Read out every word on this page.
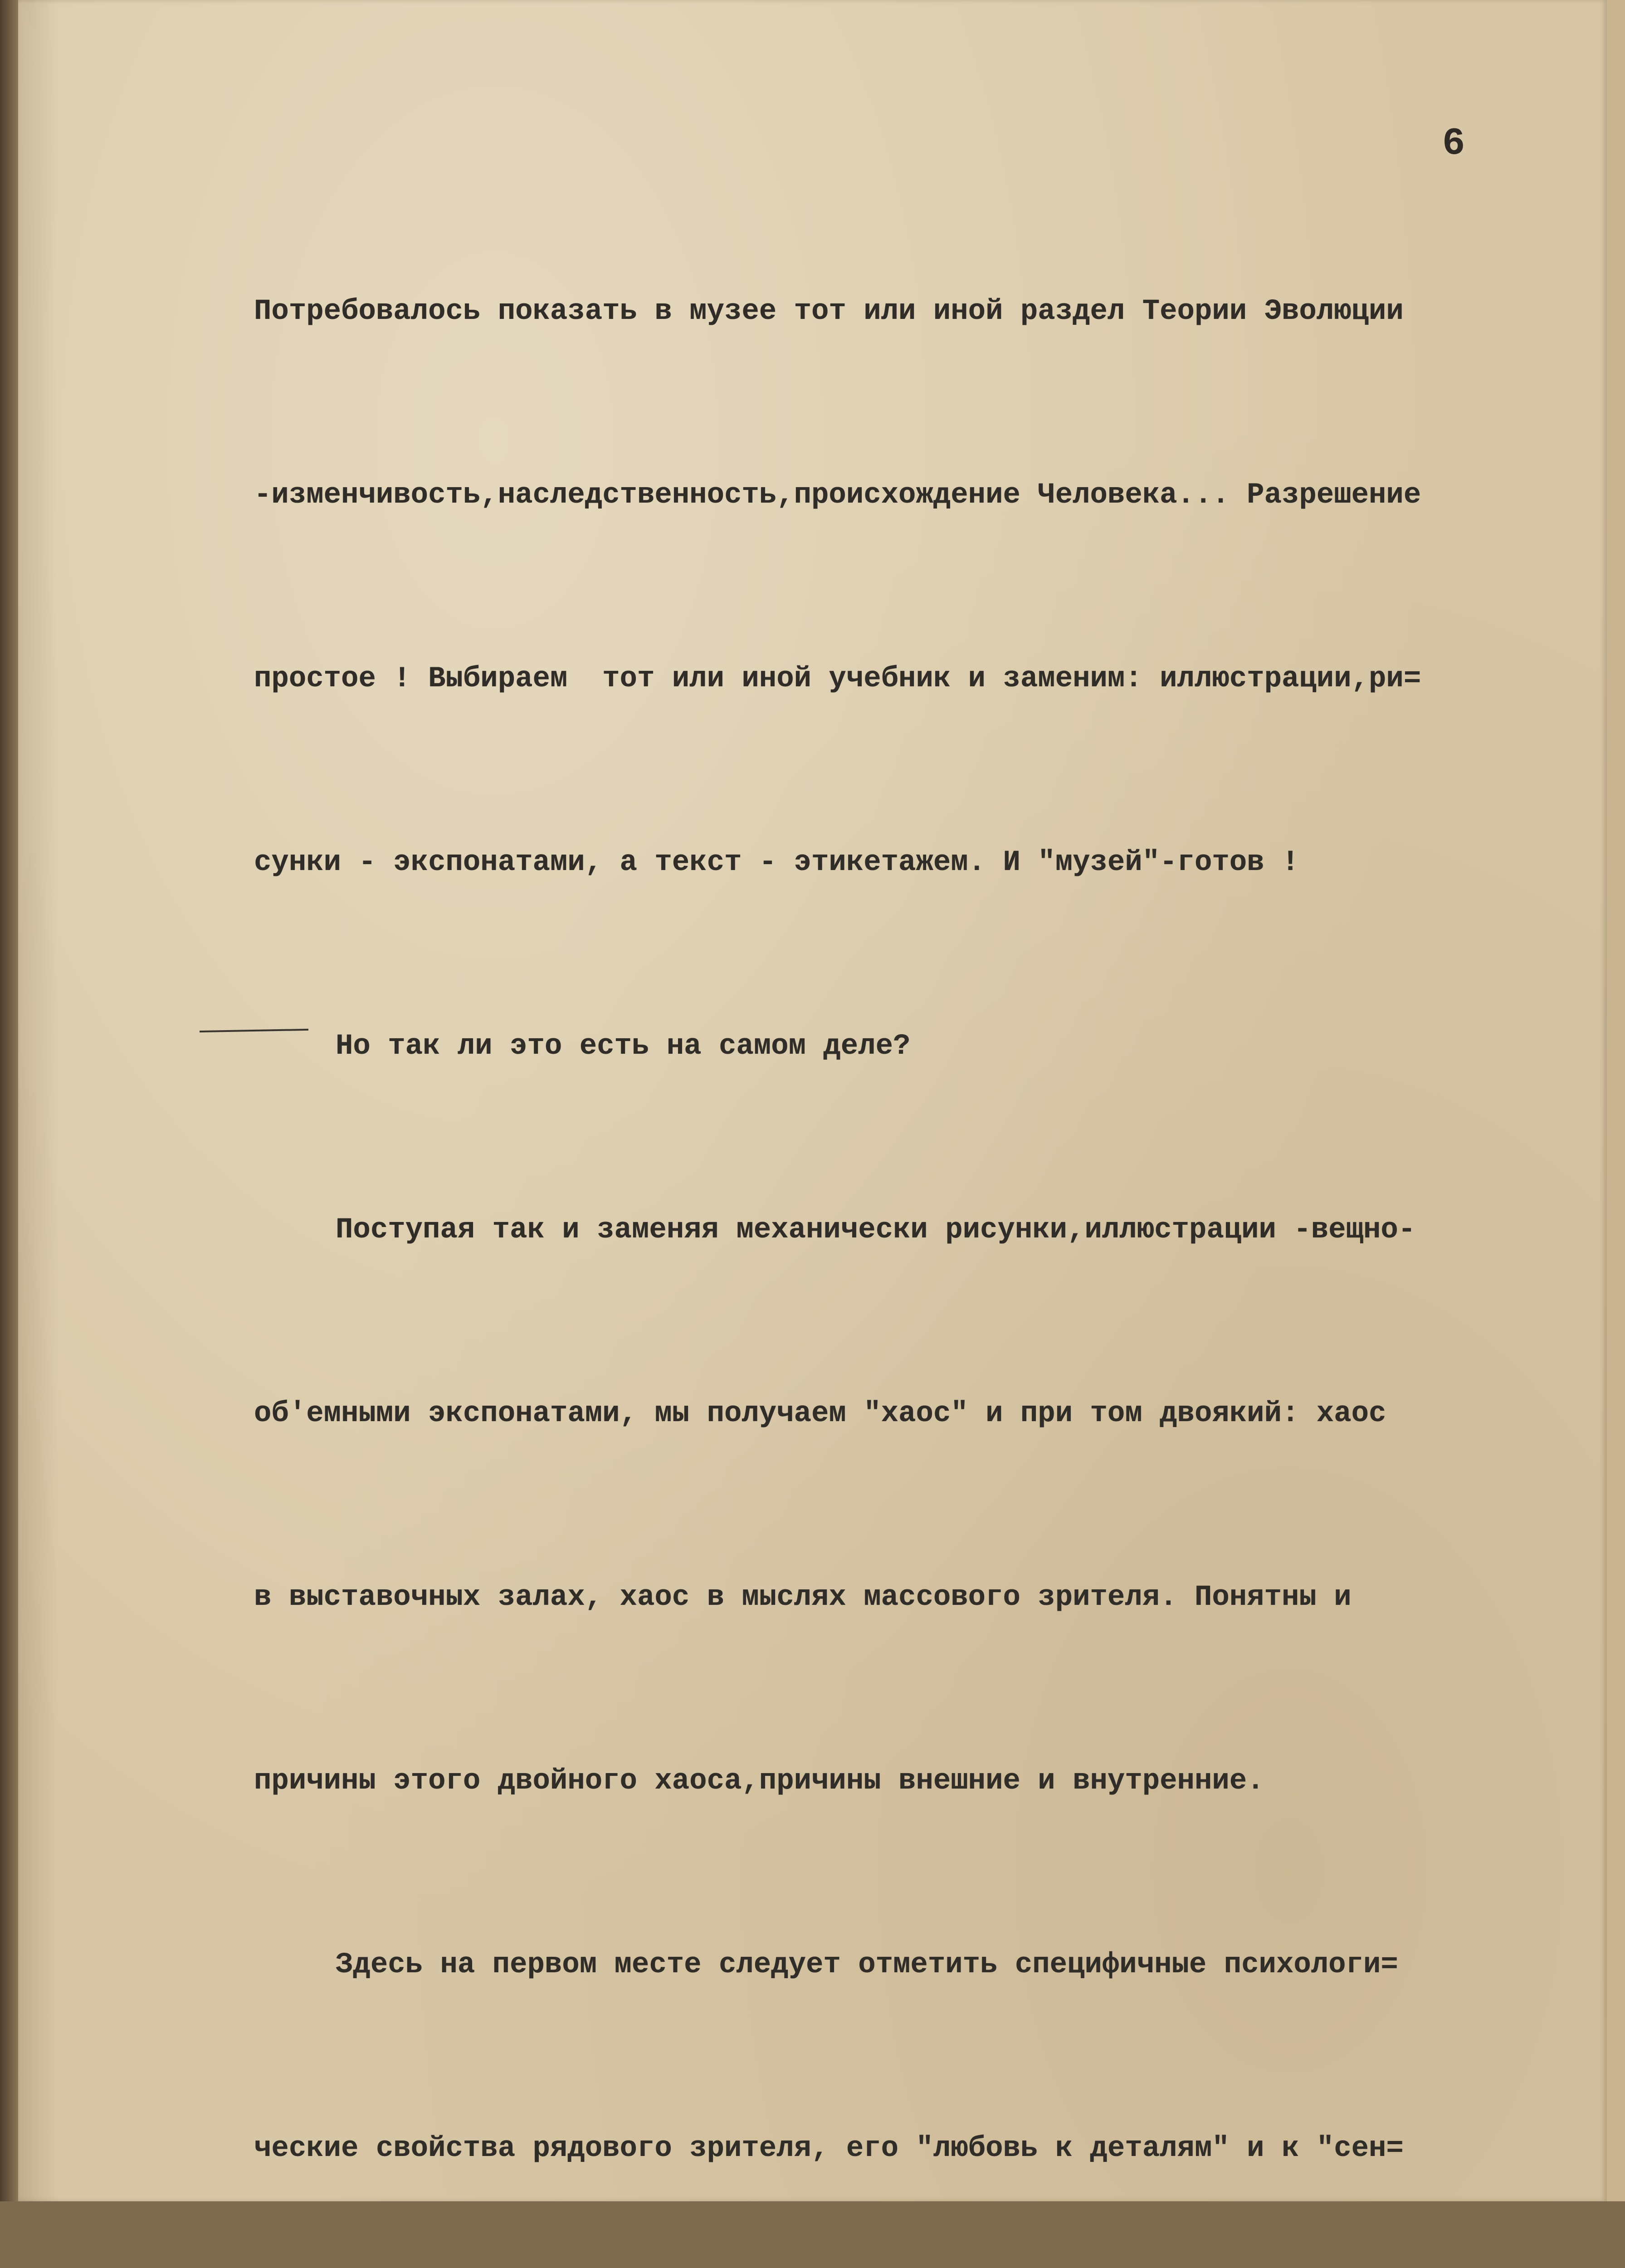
6

Потребовалось показать в музее тот или иной раздел Теории Эволюции

-изменчивость,наследственность,происхождение Человека... Разрешение

простое ! Выбираем  тот или иной учебник и заменим: иллюстрации,ри=

сунки - экспонатами, а текст - этикетажем. И "музей"-готов !

Но так ли это есть на самом деле?

Поступая так и заменяя механически рисунки,иллюстрации -вещно-

об'емными экспонатами, мы получаем "хаос" и при том двоякий: хаос

в выставочных залах, хаос в мыслях массового зрителя. Понятны и

причины этого двойного хаоса,причины внешние и внутренние.

Здесь на первом месте следует отметить специфичные психологи=

ческие свойства рядового зрителя, его "любовь к деталям" и к "сен=
